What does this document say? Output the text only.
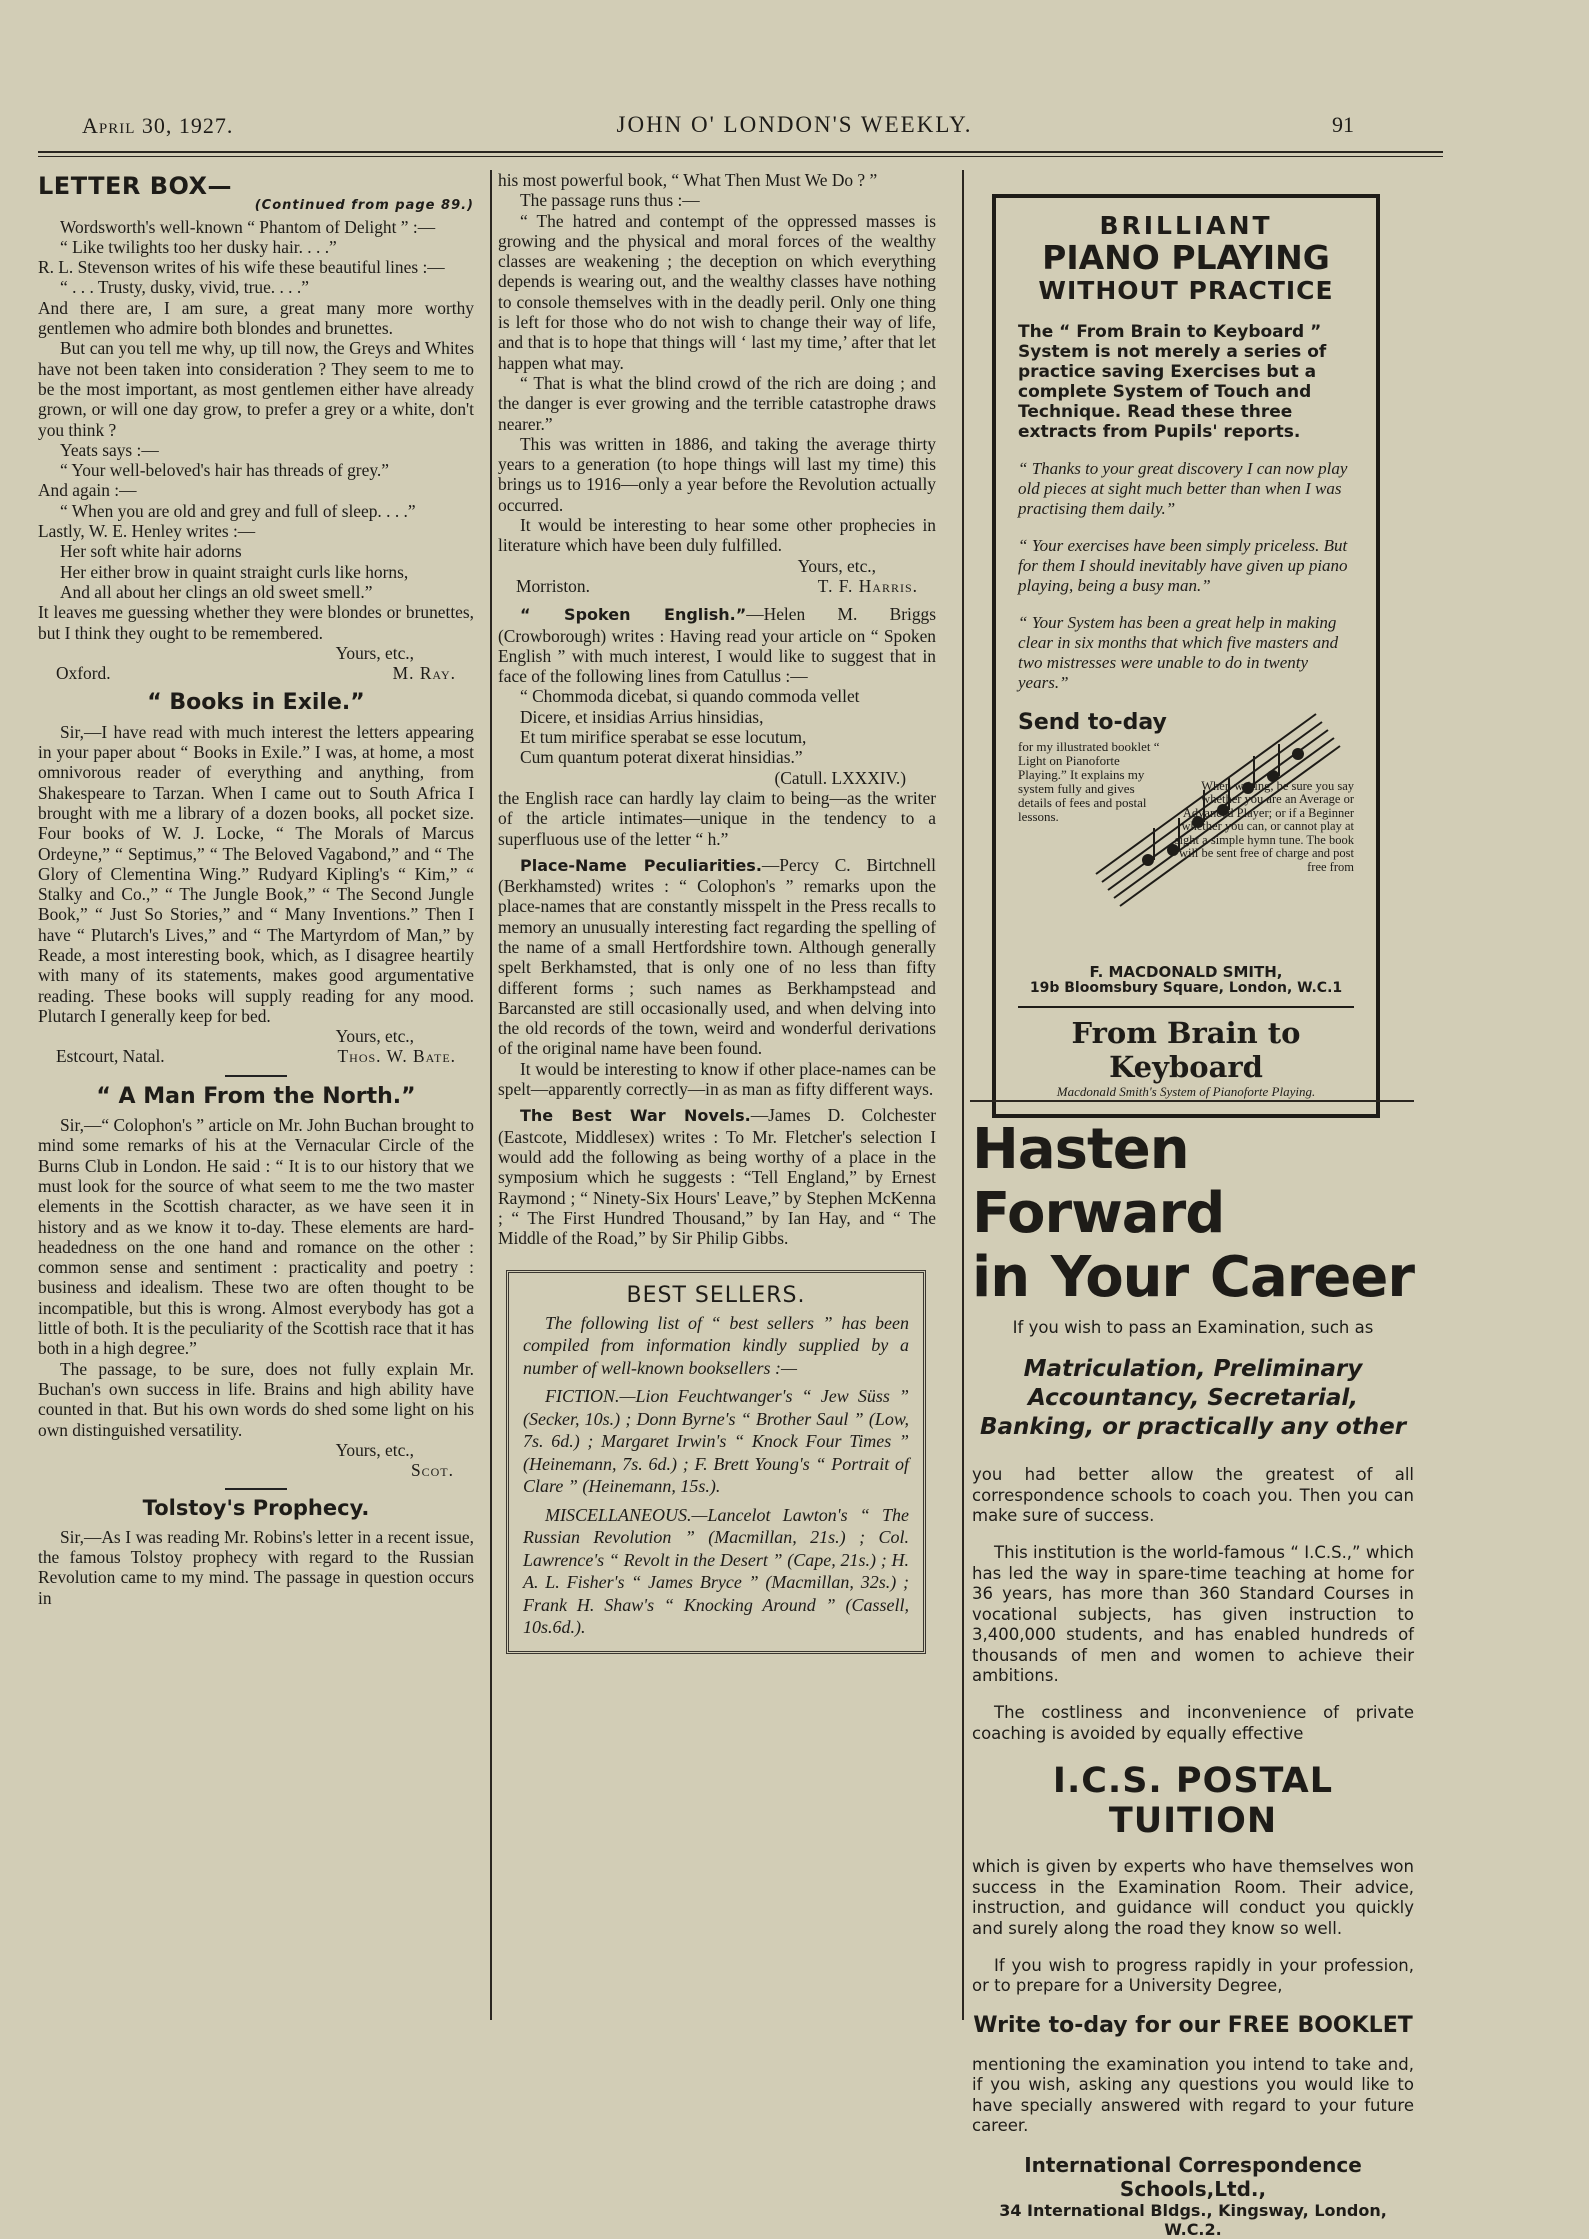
April 30, 1927.	JOHN O' LONDON'S WEEKLY.	91
LETTER BOX—
(Continued from page 89.)

Wordsworth's well-known “ Phantom of Delight ” :—

“ Like twilights too her dusky hair. . . .”

R. L. Stevenson writes of his wife these beautiful lines :—

“ . . . Trusty, dusky, vivid, true. . . .”

And there are, I am sure, a great many more worthy gentlemen who admire both blondes and brunettes.

But can you tell me why, up till now, the Greys and Whites have not been taken into consideration ? They seem to me to be the most important, as most gentlemen either have already grown, or will one day grow, to prefer a grey or a white, don't you think ?

Yeats says :—

“ Your well-beloved's hair has threads of grey.”

And again :—

“ When you are old and grey and full of sleep. . . .”

Lastly, W. E. Henley writes :—

Her soft white hair adorns

Her either brow in quaint straight curls like horns,

And all about her clings an old sweet smell.”

It leaves me guessing whether they were blondes or brunettes, but I think they ought to be remembered.

Yours, etc.,

Oxford.	M. Ray.
“ Books in Exile.”

Sir,—I have read with much interest the letters appearing in your paper about “ Books in Exile.” I was, at home, a most omnivorous reader of everything and anything, from Shakespeare to Tarzan. When I came out to South Africa I brought with me a library of a dozen books, all pocket size. Four books of W. J. Locke, “ The Morals of Marcus Ordeyne,” “ Septimus,” “ The Beloved Vagabond,” and “ The Glory of Clementina Wing.” Rudyard Kipling's “ Kim,” “ Stalky and Co.,” “ The Jungle Book,” “ The Second Jungle Book,” “ Just So Stories,” and “ Many Inventions.” Then I have “ Plutarch's Lives,” and “ The Martyrdom of Man,” by Reade, a most interesting book, which, as I disagree heartily with many of its statements, makes good argumentative reading. These books will supply reading for any mood. Plutarch I generally keep for bed.

Yours, etc.,

Estcourt, Natal.	Thos. W. Bate.
“ A Man From the North.”

Sir,—“ Colophon's ” article on Mr. John Buchan brought to mind some remarks of his at the Vernacular Circle of the Burns Club in London. He said : “ It is to our history that we must look for the source of what seem to me the two master elements in the Scottish character, as we have seen it in history and as we know it to-day. These elements are hard-headedness on the one hand and romance on the other : common sense and sentiment : practicality and poetry : business and idealism. These two are often thought to be incompatible, but this is wrong. Almost everybody has got a little of both. It is the peculiarity of the Scottish race that it has both in a high degree.”

The passage, to be sure, does not fully explain Mr. Buchan's own success in life. Brains and high ability have counted in that. But his own words do shed some light on his own distinguished versatility.

Yours, etc.,

Scot.

Tolstoy's Prophecy.

Sir,—As I was reading Mr. Robins's letter in a recent issue, the famous Tolstoy prophecy with regard to the Russian Revolution came to my mind. The passage in question occurs in

his most powerful book, “ What Then Must We Do ? ”

The passage runs thus :—

“ The hatred and contempt of the oppressed masses is growing and the physical and moral forces of the wealthy classes are weakening ; the deception on which everything depends is wearing out, and the wealthy classes have nothing to console themselves with in the deadly peril. Only one thing is left for those who do not wish to change their way of life, and that is to hope that things will ‘ last my time,’ after that let happen what may.

“ That is what the blind crowd of the rich are doing ; and the danger is ever growing and the terrible catastrophe draws nearer.”

This was written in 1886, and taking the average thirty years to a generation (to hope things will last my time) this brings us to 1916—only a year before the Revolution actually occurred.

It would be interesting to hear some other prophecies in literature which have been duly fulfilled.

Yours, etc.,

Morriston.	T. F. Harris.

“ Spoken English.”—Helen M. Briggs (Crowborough) writes : Having read your article on “ Spoken English ” with much interest, I would like to suggest that in face of the following lines from Catullus :—

“ Chommoda dicebat, si quando commoda vellet

Dicere, et insidias Arrius hinsidias,

Et tum mirifice sperabat se esse locutum,

Cum quantum poterat dixerat hinsidias.”

(Catull. LXXXIV.)

the English race can hardly lay claim to being—as the writer of the article intimates—unique in the tendency to a superfluous use of the letter “ h.”

Place-Name Peculiarities.—Percy C. Birtchnell (Berkhamsted) writes : “ Colophon's ” remarks upon the place-names that are constantly misspelt in the Press recalls to memory an unusually interesting fact regarding the spelling of the name of a small Hertfordshire town. Although generally spelt Berkhamsted, that is only one of no less than fifty different forms ; such names as Berkhampstead and Barcansted are still occasionally used, and when delving into the old records of the town, weird and wonderful derivations of the original name have been found.

It would be interesting to know if other place-names can be spelt—apparently correctly—in as man as fifty different ways.

The Best War Novels.—James D. Colchester (Eastcote, Middlesex) writes : To Mr. Fletcher's selection I would add the following as being worthy of a place in the symposium which he suggests : “Tell England,” by Ernest Raymond ; “ Ninety-Six Hours' Leave,” by Stephen McKenna ; “ The First Hundred Thousand,” by Ian Hay, and “ The Middle of the Road,” by Sir Philip Gibbs.

BEST SELLERS.

The following list of “ best sellers ” has been compiled from information kindly supplied by a number of well-known booksellers :—

FICTION.—Lion Feuchtwanger's “ Jew Süss ” (Secker, 10s.) ; Donn Byrne's “ Brother Saul ” (Low, 7s. 6d.) ; Margaret Irwin's “ Knock Four Times ” (Heinemann, 7s. 6d.) ; F. Brett Young's “ Portrait of Clare ” (Heinemann, 15s.).

MISCELLANEOUS.—Lancelot Lawton's “ The Russian Revolution ” (Macmillan, 21s.) ; Col. Lawrence's “ Revolt in the Desert ” (Cape, 21s.) ; H. A. L. Fisher's “ James Bryce ” (Macmillan, 32s.) ; Frank H. Shaw's “ Knocking Around ” (Cassell, 10s.6d.).

BRILLIANT
PIANO PLAYING
WITHOUT PRACTICE

The “ From Brain to Keyboard ” System is not merely a series of practice saving Exercises but a complete System of Touch and Technique. Read these three extracts from Pupils' reports.

“ Thanks to your great discovery I can now play old pieces at sight much better than when I was practising them daily.”

“ Your exercises have been simply priceless. But for them I should inevitably have given up piano playing, being a busy man.”

“ Your System has been a great help in making clear in six months that which five masters and two mistresses were unable to do in twenty years.”

Send to-day
for my illustrated booklet “ Light on Pianoforte Playing.” It explains my system fully and gives details of fees and postal lessons.
When writing, be sure you say whether you are an Average or Advanced Player; or if a Beginner whether you can, or cannot play at sight a simple hymn tune. The book will be sent free of charge and post free from
F. MACDONALD SMITH,
19b Bloomsbury Square, London, W.C.1
From Brain to Keyboard
Macdonald Smith's System of Pianoforte Playing.
Hasten Forward
in Your Career

If you wish to pass an Examination, such as

Matriculation, Preliminary Accountancy, Secretarial, Banking, or practically any other

you had better allow the greatest of all correspondence schools to coach you. Then you can make sure of success.

This institution is the world-famous “ I.C.S.,” which has led the way in spare-time teaching at home for 36 years, has more than 360 Standard Courses in vocational subjects, has given instruction to 3,400,000 students, and has enabled hundreds of thousands of men and women to achieve their ambitions.

The costliness and inconvenience of private coaching is avoided by equally effective

I.C.S. POSTAL TUITION

which is given by experts who have themselves won success in the Examination Room. Their advice, instruction, and guidance will conduct you quickly and surely along the road they know so well.

If you wish to progress rapidly in your profession, or to prepare for a University Degree,

Write to-day for our FREE BOOKLET

mentioning the examination you intend to take and, if you wish, asking any questions you would like to have specially answered with regard to your future career.

International Correspondence Schools,Ltd.,
34 International Bldgs., Kingsway, London, W.C.2.
